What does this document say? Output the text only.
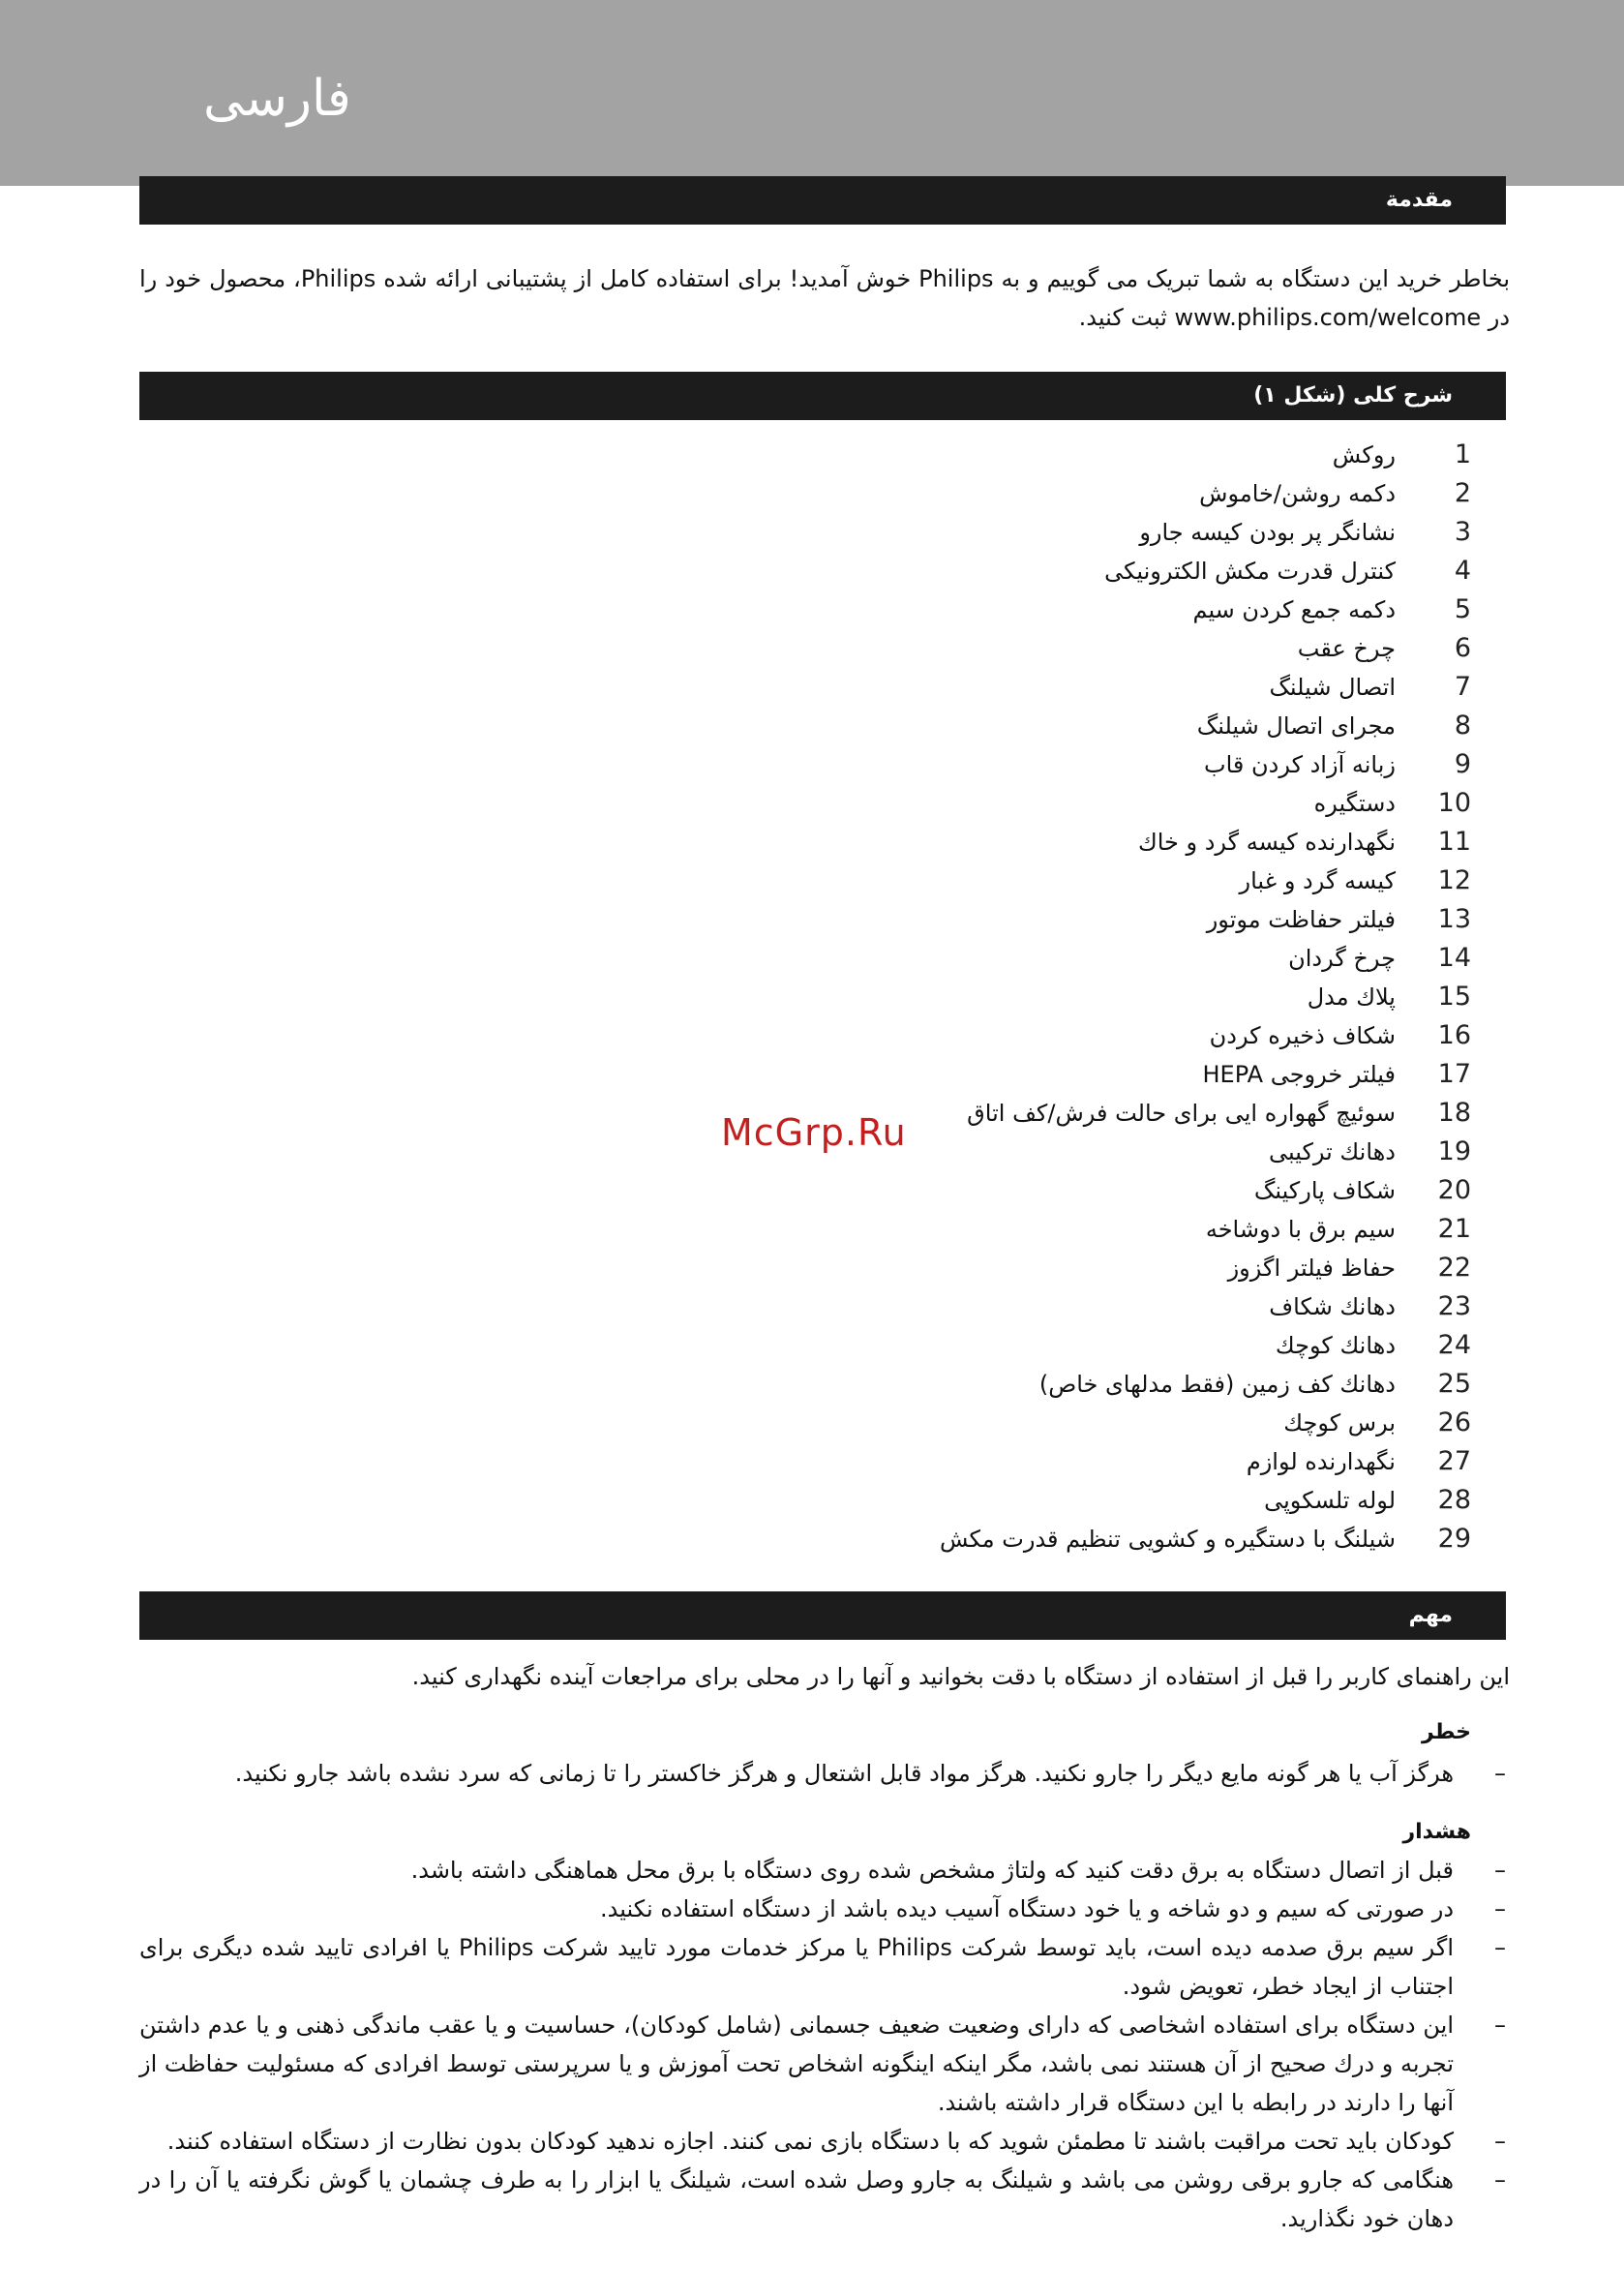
فارسی
مقدمة
بخاطر خرید این دستگاه به شما تبریک می گوییم و به Philips خوش آمدید! برای استفاده کامل از پشتیبانی ارائه شده Philips، محصول خود را در www.philips.com/welcome ثبت کنید.
شرح کلی (شکل ۱)
1
روکش
2
دکمه روشن/خاموش
3
نشانگر پر بودن کیسه جارو
4
کنترل قدرت مکش الکترونیکی
5
دکمه جمع کردن سیم
6
چرخ عقب
7
اتصال شیلنگ
8
مجرای اتصال شیلنگ
9
زبانه آزاد کردن قاب
10
دستگیره
11
نگهدارنده کیسه گرد و خاك
12
کیسه گرد و غبار
13
فیلتر حفاظت موتور
14
چرخ گردان
15
پلاك مدل
16
شکاف ذخیره کردن
17
فیلتر خروجی HEPA
18
سوئیچ گهواره ایی برای حالت فرش/کف اتاق
19
دهانك ترکیبی
20
شکاف پارکینگ
21
سیم برق با دوشاخه
22
حفاظ فیلتر اگزوز
23
دهانك شکاف
24
دهانك کوچك
25
دهانك کف زمین (فقط مدلهای خاص)
26
برس کوچك
27
نگهدارنده لوازم
28
لوله تلسکوپی
29
شیلنگ با دستگیره و کشویی تنظیم قدرت مکش
McGrp.Ru
مهم
این راهنمای کاربر را قبل از استفاده از دستگاه با دقت بخوانید و آنها را در محلی برای مراجعات آینده نگهداری کنید.
خطر
–
هرگز آب یا هر گونه مایع دیگر را جارو نکنید. هرگز مواد قابل اشتعال و هرگز خاکستر را تا زمانی که سرد نشده باشد جارو نکنید.
هشدار
–
قبل از اتصال دستگاه به برق دقت کنید که ولتاژ مشخص شده روی دستگاه با برق محل هماهنگی داشته باشد.
–
در صورتی که سیم و دو شاخه و یا خود دستگاه آسیب دیده باشد از دستگاه استفاده نکنید.
–
اگر سیم برق صدمه دیده است، باید توسط شرکت Philips یا مرکز خدمات مورد تایید شرکت Philips یا افرادی تایید شده دیگری برای اجتناب از ایجاد خطر، تعویض شود.
–
این دستگاه برای استفاده اشخاصی که دارای وضعیت ضعیف جسمانی (شامل کودکان)، حساسیت و یا عقب ماندگی ذهنی و یا عدم داشتن تجربه و درك صحیح از آن هستند نمی باشد، مگر اینکه اینگونه اشخاص تحت آموزش و یا سرپرستی توسط افرادی که مسئولیت حفاظت از آنها را دارند در رابطه با این دستگاه قرار داشته باشند.
–
کودکان باید تحت مراقبت باشند تا مطمئن شوید که با دستگاه بازی نمی کنند. اجازه ندهید کودکان بدون نظارت از دستگاه استفاده کنند.
–
هنگامی که جارو برقی روشن می باشد و شیلنگ به جارو وصل شده است، شیلنگ یا ابزار را به طرف چشمان یا گوش نگرفته یا آن را در دهان خود نگذارید.
